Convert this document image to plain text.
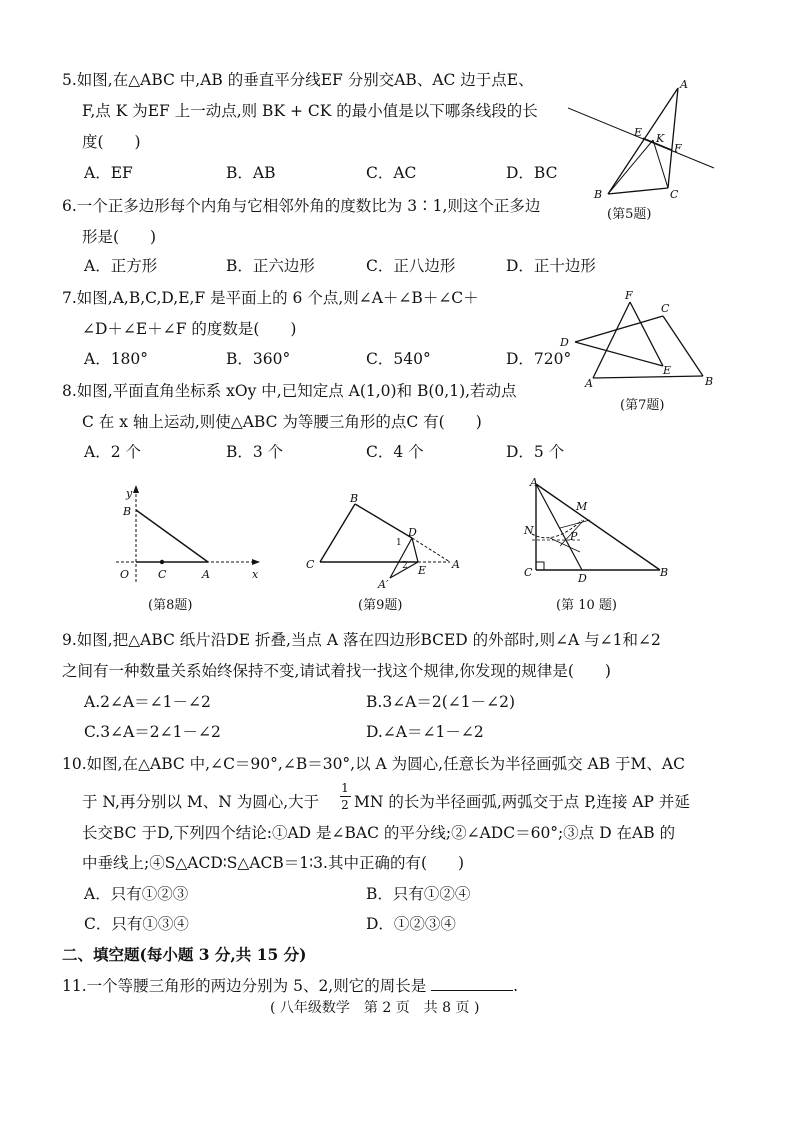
5.如图,在△ABC 中,AB 的垂直平分线EF 分别交AB、AC 边于点E、
F,点 K 为EF 上一动点,则 BK + CK 的最小值是以下哪条线段的长
度(　　)
A．EF	B．AB	C．AC	D．BC
A
E K
F
B	C
(第5题)
6.一个正多边形每个内角与它相邻外角的度数比为 3∶1,则这个正多边
形是(　　)
A．正方形	B．正六边形	C．正八边形	D．正十边形
7.如图,A,B,C,D,E,F 是平面上的 6 个点,则∠A＋∠B＋∠C＋
∠D＋∠E＋∠F 的度数是(　　)
A．180°	B．360°	C．540°	D．720°
F
C
D
A
E
B
(第7题)
8.如图,平面直角坐标系 xOy 中,已知定点 A(1,0)和 B(0,1),若动点
C 在 x 轴上运动,则使△ABC 为等腰三角形的点C 有(　　)
A．2 个	B．3 个	C．4 个	D．5 个
y
B
O	C	A	x
(第8题)
B
C
D
1
2 E A
A′
(第9题)
A
M
N	P
C	D	B
(第 10 题)
9.如图,把△ABC 纸片沿DE 折叠,当点 A 落在四边形BCED 的外部时,则∠A 与∠1和∠2
之间有一种数量关系始终保持不变,请试着找一找这个规律,你发现的规律是(　　)
A.2∠A＝∠1－∠2	B.3∠A＝2(∠1－∠2)
C.3∠A＝2∠1－∠2	D.∠A＝∠1－∠2
10.如图,在△ABC 中,∠C＝90°,∠B＝30°,以 A 为圆心,任意长为半径画弧交 AB 于M、AC
于 N,再分别以 M、N 为圆心,大于
1
2 MN 的长为半径画弧,两弧交于点 P,连接 AP 并延
长交BC 于D,下列四个结论:①AD 是∠BAC 的平分线;②∠ADC＝60°;③点 D 在AB 的
中垂线上;④S△ACD∶S△ACB＝1∶3.其中正确的有(　　)
A．只有①②③	B．只有①②④
C．只有①③④	D．①②③④
二、填空题(每小题 3 分,共 15 分)
11.一个等腰三角形的两边分别为 5、2,则它的周长是	.
( 八年级数学　第 2 页　共 8 页 )
